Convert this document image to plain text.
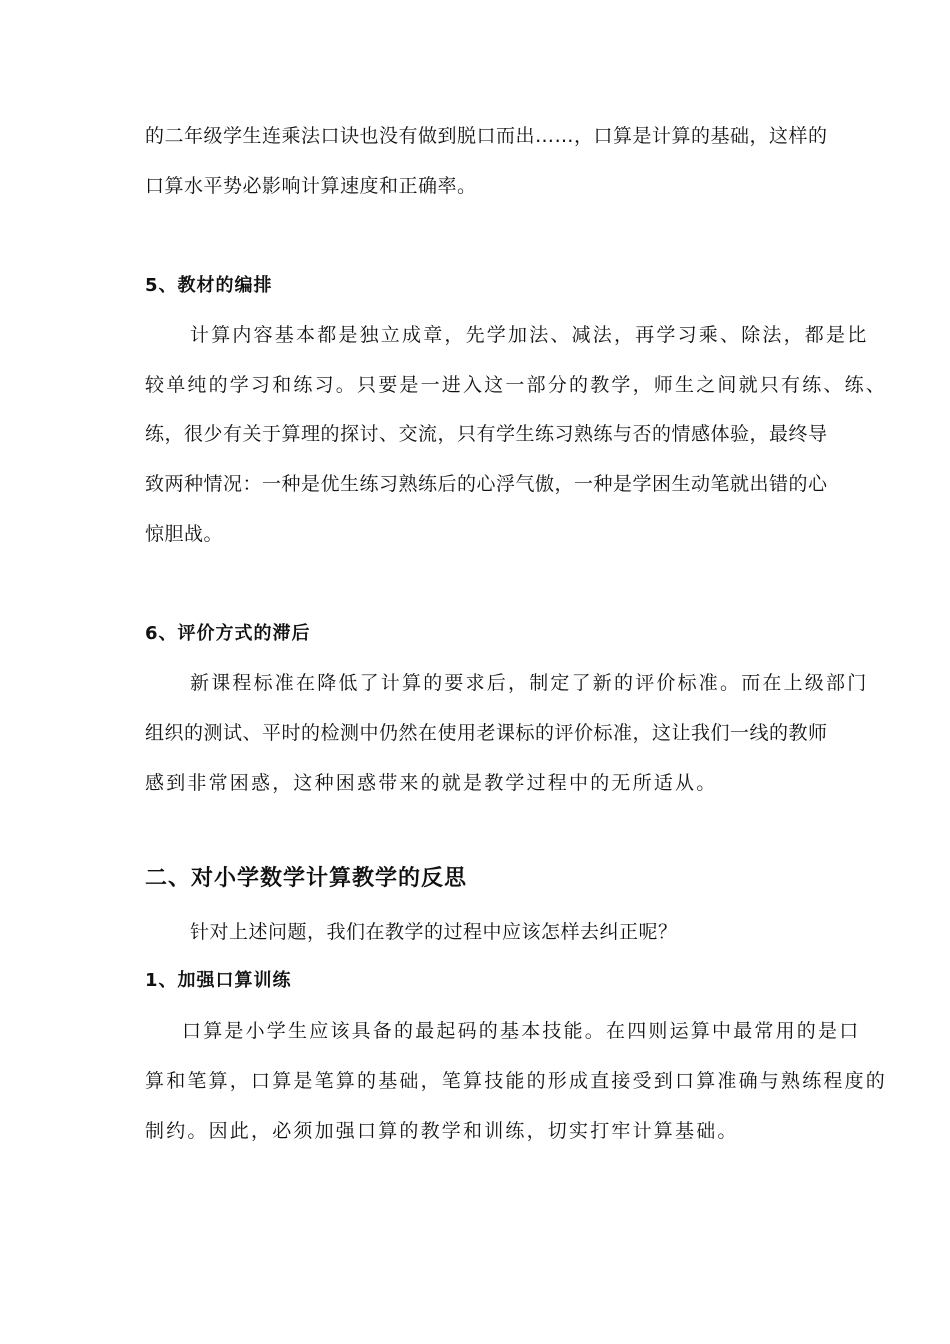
的二年级学生连乘法口诀也没有做到脱口而出……，口算是计算的基础，这样的
口算水平势必影响计算速度和正确率。
5、教材的编排
计算内容基本都是独立成章，先学加法、减法，再学习乘、除法，都是比
较单纯的学习和练习。只要是一进入这一部分的教学，师生之间就只有练、练、
练，很少有关于算理的探讨、交流，只有学生练习熟练与否的情感体验，最终导
致两种情况：一种是优生练习熟练后的心浮气傲，一种是学困生动笔就出错的心
惊胆战。
6、评价方式的滞后
新课程标准在降低了计算的要求后，制定了新的评价标准。而在上级部门
组织的测试、平时的检测中仍然在使用老课标的评价标准，这让我们一线的教师
感到非常困惑，这种困惑带来的就是教学过程中的无所适从。
二、对小学数学计算教学的反思
针对上述问题，我们在教学的过程中应该怎样去纠正呢？
1、加强口算训练
口算是小学生应该具备的最起码的基本技能。在四则运算中最常用的是口
算和笔算，口算是笔算的基础，笔算技能的形成直接受到口算准确与熟练程度的
制约。因此，必须加强口算的教学和训练，切实打牢计算基础。
